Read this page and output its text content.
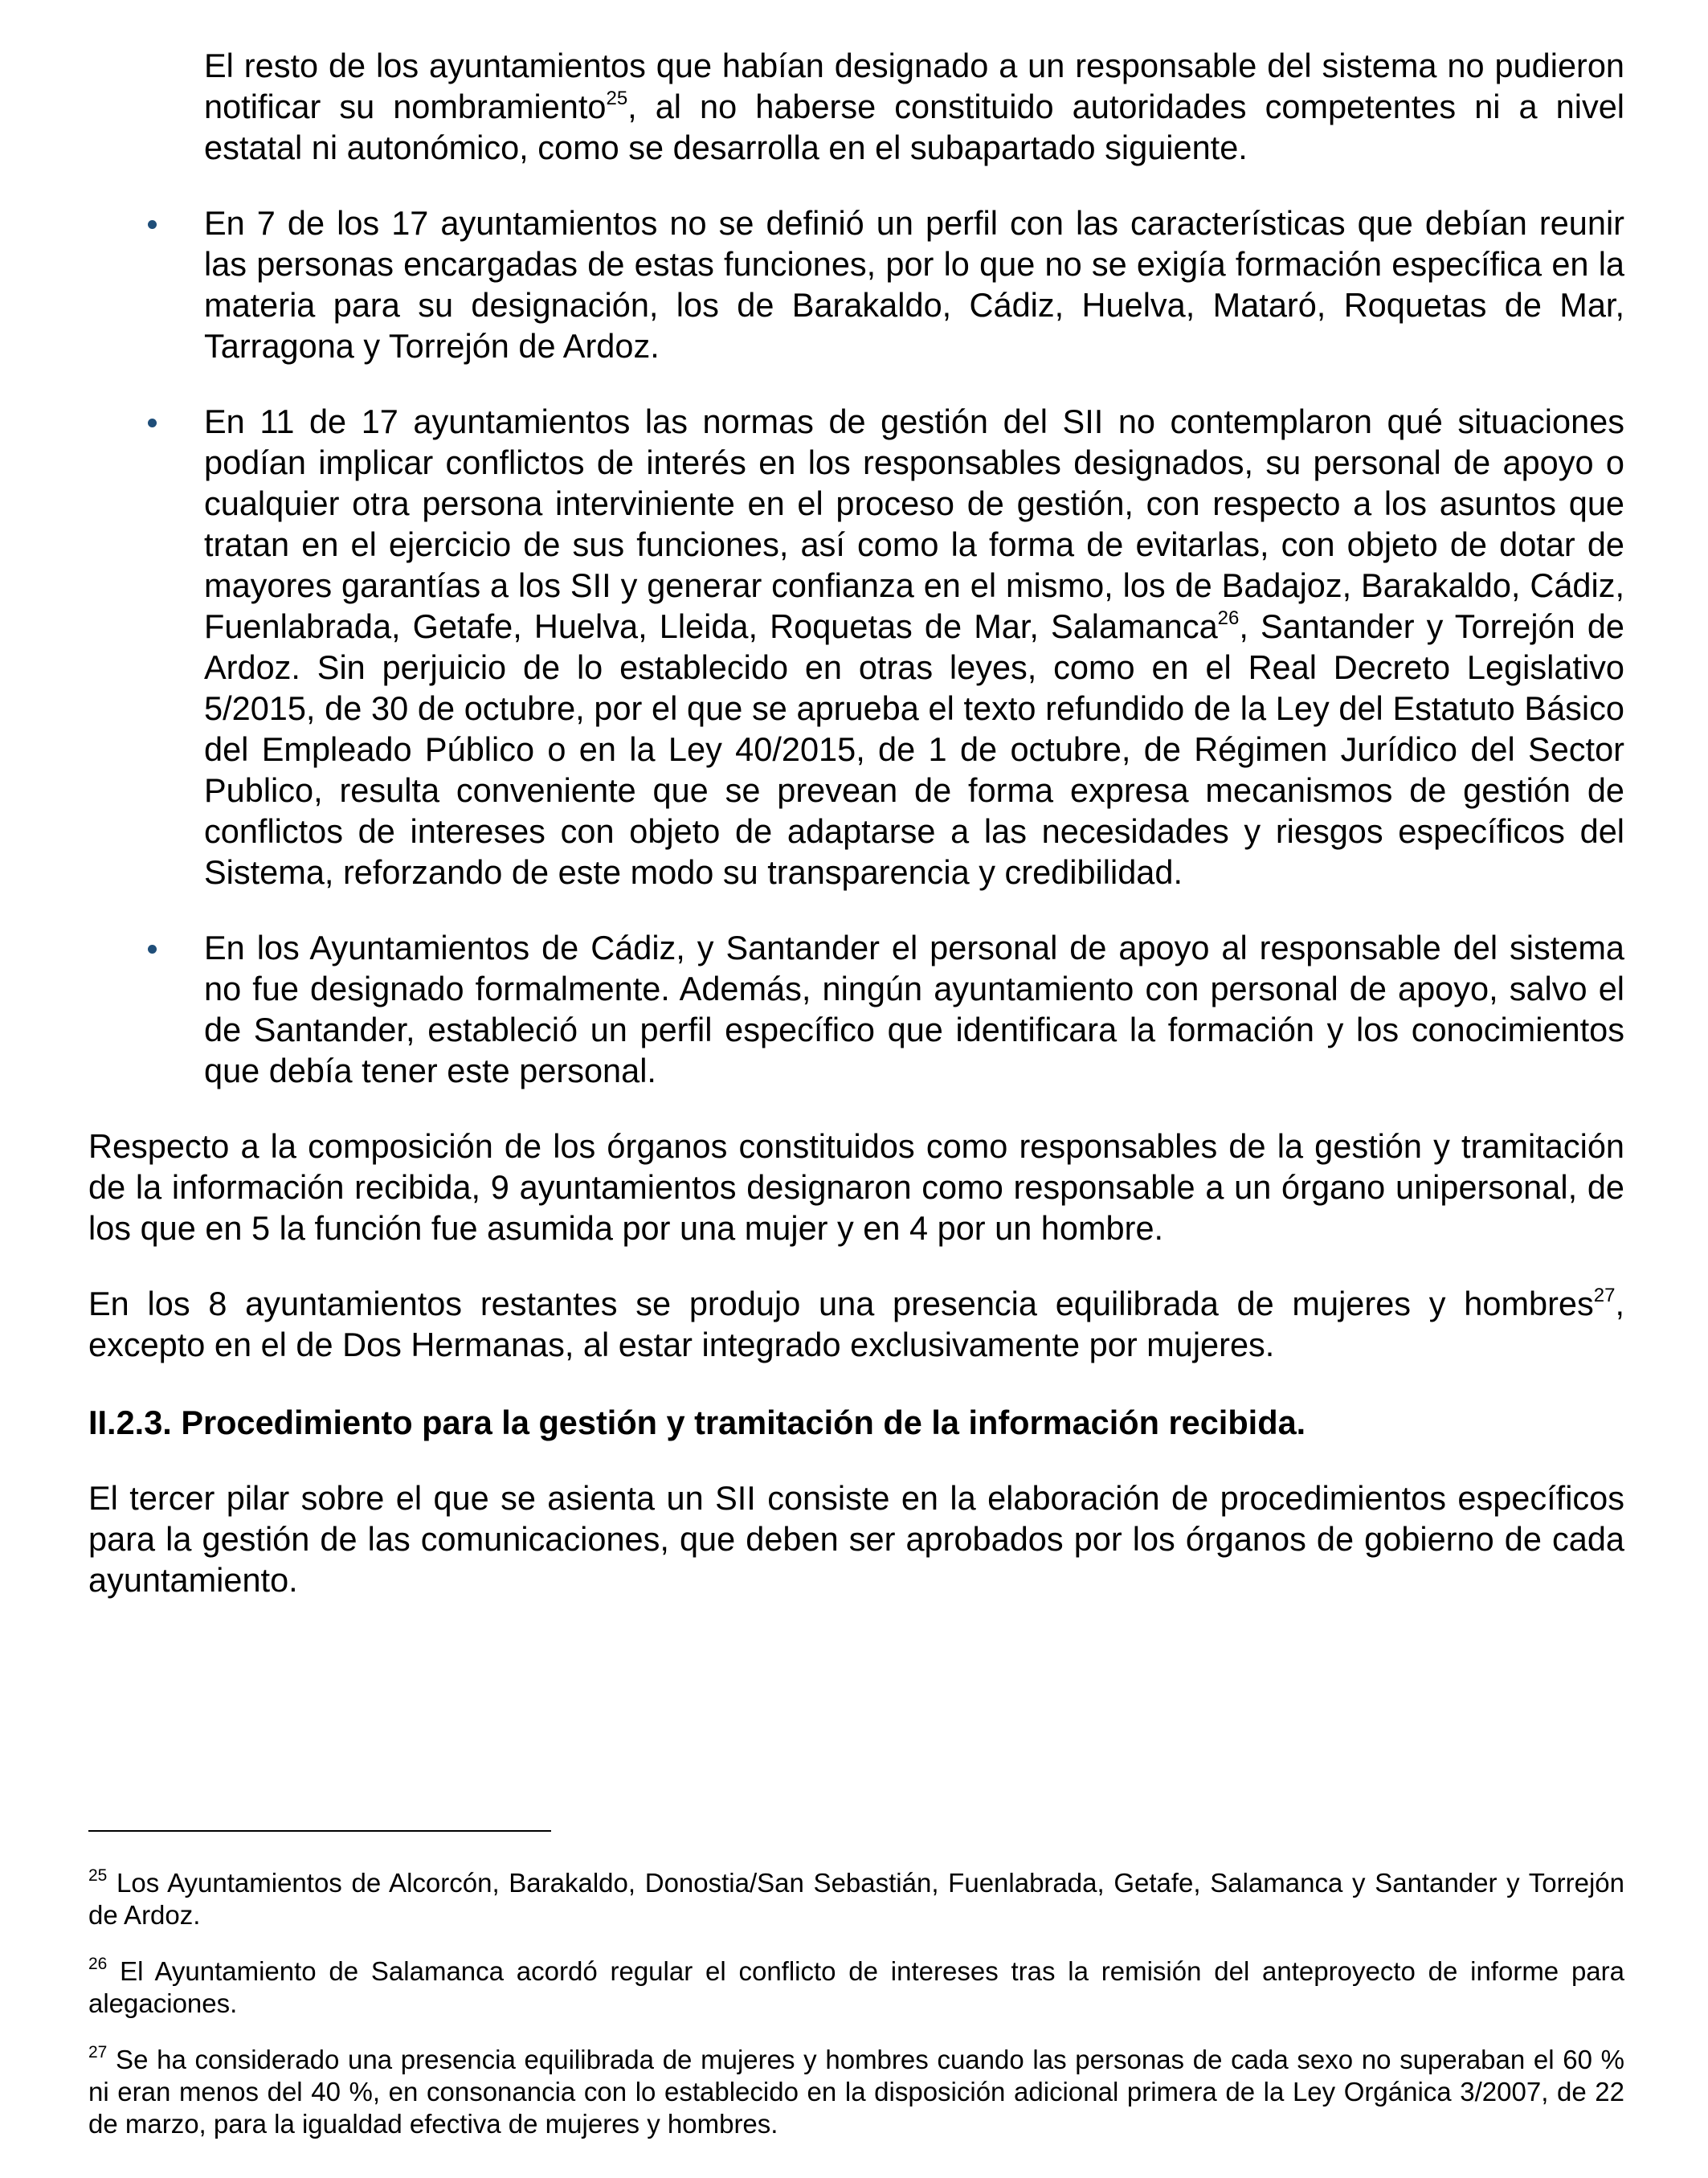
El resto de los ayuntamientos que habían designado a un responsable del sistema no pudieron notificar su nombramiento$^{25}$, al no haberse constituido autoridades competentes ni a nivel estatal ni autonómico, como se desarrolla en el subapartado siguiente.

En 7 de los 17 ayuntamientos no se definió un perfil con las características que debían reunir las personas encargadas de estas funciones, por lo que no se exigía formación específica en la materia para su designación, los de Barakaldo, Cádiz, Huelva, Mataró, Roquetas de Mar, Tarragona y Torrejón de Ardoz.

En 11 de 17 ayuntamientos las normas de gestión del SII no contemplaron qué situaciones podían implicar conflictos de interés en los responsables designados, su personal de apoyo o cualquier otra persona interviniente en el proceso de gestión, con respecto a los asuntos que tratan en el ejercicio de sus funciones, así como la forma de evitarlas, con objeto de dotar de mayores garantías a los SII y generar confianza en el mismo, los de Badajoz, Barakaldo, Cádiz, Fuenlabrada, Getafe, Huelva, Lleida, Roquetas de Mar, Salamanca$^{26}$, Santander y Torrejón de Ardoz. Sin perjuicio de lo establecido en otras leyes, como en el Real Decreto Legislativo 5/2015, de 30 de octubre, por el que se aprueba el texto refundido de la Ley del Estatuto Básico del Empleado Público o en la Ley 40/2015, de 1 de octubre, de Régimen Jurídico del Sector Publico, resulta conveniente que se prevean de forma expresa mecanismos de gestión de conflictos de intereses con objeto de adaptarse a las necesidades y riesgos específicos del Sistema, reforzando de este modo su transparencia y credibilidad.

En los Ayuntamientos de Cádiz, y Santander el personal de apoyo al responsable del sistema no fue designado formalmente. Además, ningún ayuntamiento con personal de apoyo, salvo el de Santander, estableció un perfil específico que identificara la formación y los conocimientos que debía tener este personal.

Respecto a la composición de los órganos constituidos como responsables de la gestión y tramitación de la información recibida, 9 ayuntamientos designaron como responsable a un órgano unipersonal, de los que en 5 la función fue asumida por una mujer y en 4 por un hombre.

En los 8 ayuntamientos restantes se produjo una presencia equilibrada de mujeres y hombres$^{27}$, excepto en el de Dos Hermanas, al estar integrado exclusivamente por mujeres.

II.2.3. Procedimiento para la gestión y tramitación de la información recibida.

El tercer pilar sobre el que se asienta un SII consiste en la elaboración de procedimientos específicos para la gestión de las comunicaciones, que deben ser aprobados por los órganos de gobierno de cada ayuntamiento.

$^{25}$ Los Ayuntamientos de Alcorcón, Barakaldo, Donostia/San Sebastián, Fuenlabrada, Getafe, Salamanca y Santander y Torrejón de Ardoz.

$^{26}$ El Ayuntamiento de Salamanca acordó regular el conflicto de intereses tras la remisión del anteproyecto de informe para alegaciones.

$^{27}$ Se ha considerado una presencia equilibrada de mujeres y hombres cuando las personas de cada sexo no superaban el 60 % ni eran menos del 40 %, en consonancia con lo establecido en la disposición adicional primera de la Ley Orgánica 3/2007, de 22 de marzo, para la igualdad efectiva de mujeres y hombres.
